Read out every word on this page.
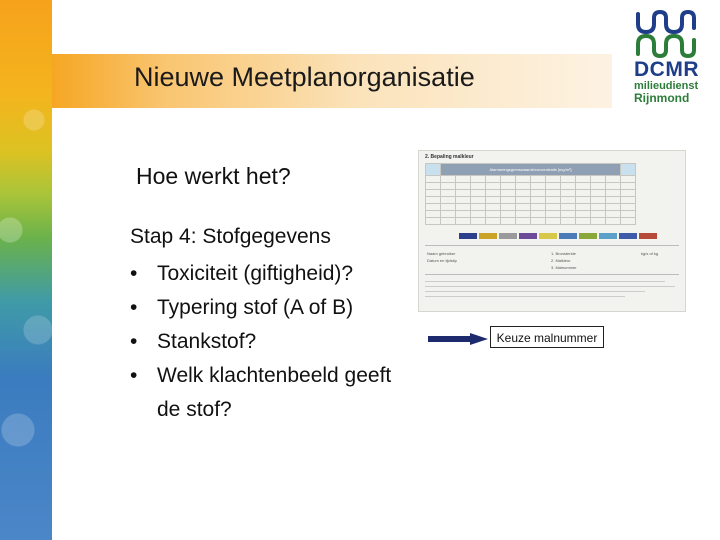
Nieuwe Meetplanorganisatie	DCMR
milieudienst
Rijnmond
Hoe werkt het?
Stap 4: Stofgegevens
• Toxiciteit (giftigheid)?
• Typering stof (A of B)
• Stankstof?
• Welk klachtenbeeld geeft de stof?
2. Bepaling malkleur
	Alarmeringsgrenswaarde/concentratie [mg/m³]												

Naam gebruiker
Datum en tijdstip
1. Bronsterkte
2. Malkleur
3. Malnummer
kg/s of kg
Keuze malnummer
